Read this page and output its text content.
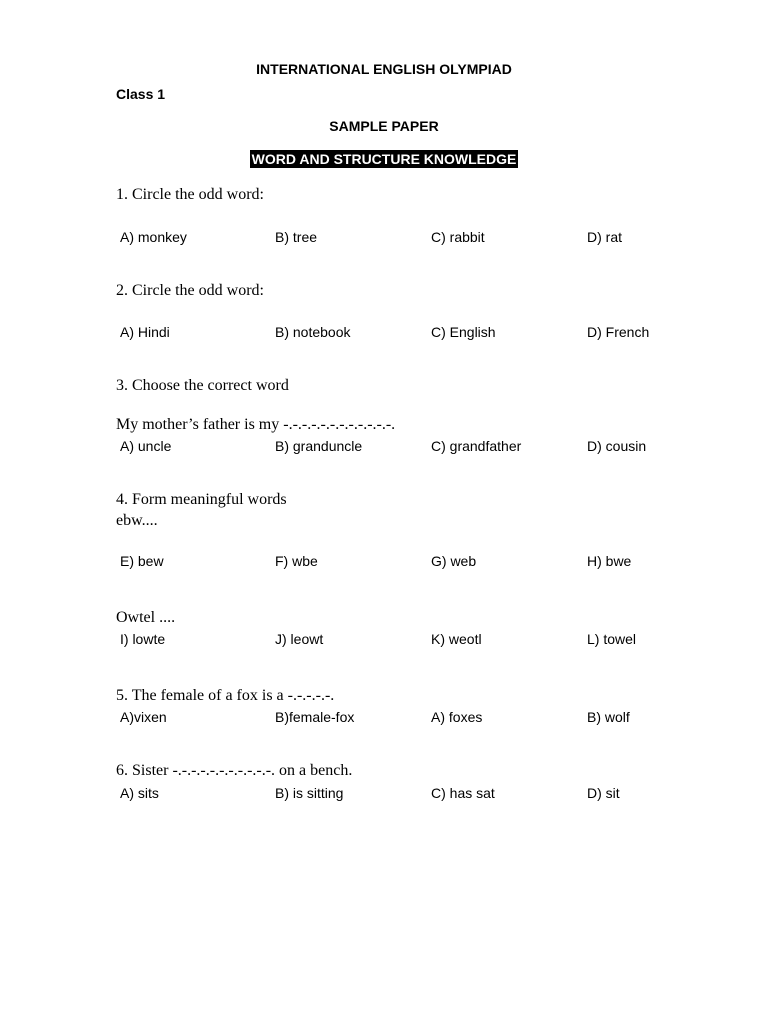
INTERNATIONAL ENGLISH OLYMPIAD
Class 1
SAMPLE PAPER
WORD AND STRUCTURE KNOWLEDGE
1. Circle the odd word:
A) monkey	B) tree	C) rabbit	D) rat
2. Circle the odd word:
A) Hindi	B) notebook	C) English	D) French
3. Choose the correct word
My mother’s father is my -.-.-.-.-.-.-.-.-.-.-.-.
A) uncle	B) granduncle	C) grandfather	D) cousin
4. Form meaningful words
ebw....
E) bew	F) wbe	G) web	H) bwe
Owtel ....
I) lowte	J) leowt	K) weotl	L) towel
5. The female of a fox is a -.-.-.-.-.
A)vixen	B)female-fox	A) foxes	B) wolf
6. Sister -.-.-.-.-.-.-.-.-.-.-. on a bench.
A) sits	B) is sitting	C) has sat	D) sit
